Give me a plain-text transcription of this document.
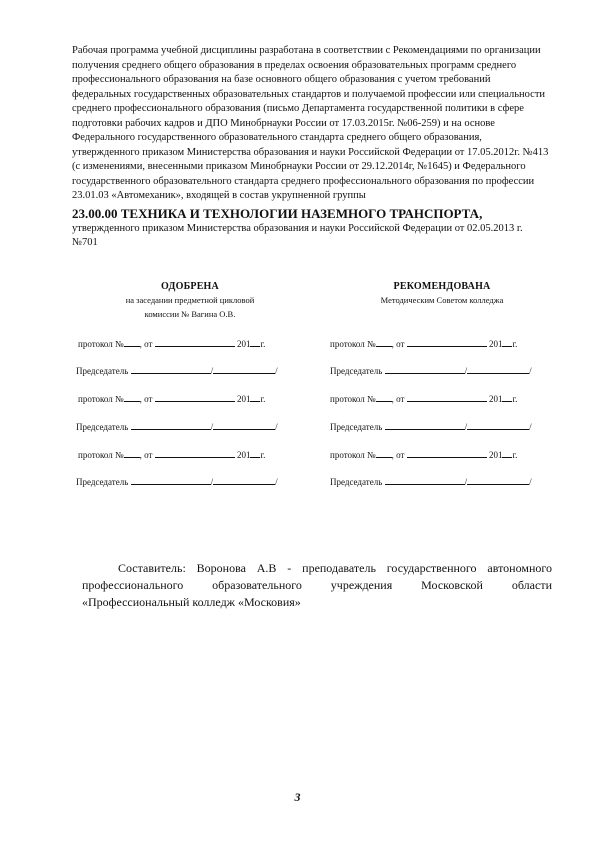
Рабочая программа учебной дисциплины разработана в соответствии с Рекомендациями по организации получения среднего общего образования в пределах освоения образовательных программ среднего профессионального образования на базе основного общего образования с учетом требований федеральных государственных образовательных стандартов и получаемой профессии или специальности среднего профессионального образования (письмо Департамента государственной политики в сфере подготовки рабочих кадров и ДПО Минобрнауки России от 17.03.2015г. №06-259) и на основе Федерального государственного образовательного стандарта среднего общего образования, утвержденного приказом Министерства образования и науки Российской Федерации от 17.05.2012г. №413 (с изменениями, внесенными приказом Минобрнауки России от 29.12.2014г, №1645) и Федерального государственного образовательного стандарта среднего профессионального образования по профессии 23.01.03 «Автомеханик», входящей в состав укрупненной группы

23.00.00 ТЕХНИКА И ТЕХНОЛОГИИ НАЗЕМНОГО ТРАНСПОРТА,

утвержденного приказом Министерства образования и науки Российской Федерации от 02.05.2013 г. №701

ОДОБРЕНА
на заседании предметной цикловой
комиссии № Вагина О.В.
РЕКОМЕНДОВАНА
Методическим Советом колледжа
протокол № , от	201 г.
Председатель	/	/
протокол № , от	201 г.
Председатель	/	/
протокол № , от	201 г.
Председатель	/	/
протокол № , от	201 г.
Председатель	/	/
протокол № , от	201 г.
Председатель	/	/
протокол № , от	201 г.
Председатель	/	/
Составитель: Воронова А.В - преподаватель государственного автономного профессионального образовательного учреждения Московской области «Профессиональный колледж «Московия»
3
